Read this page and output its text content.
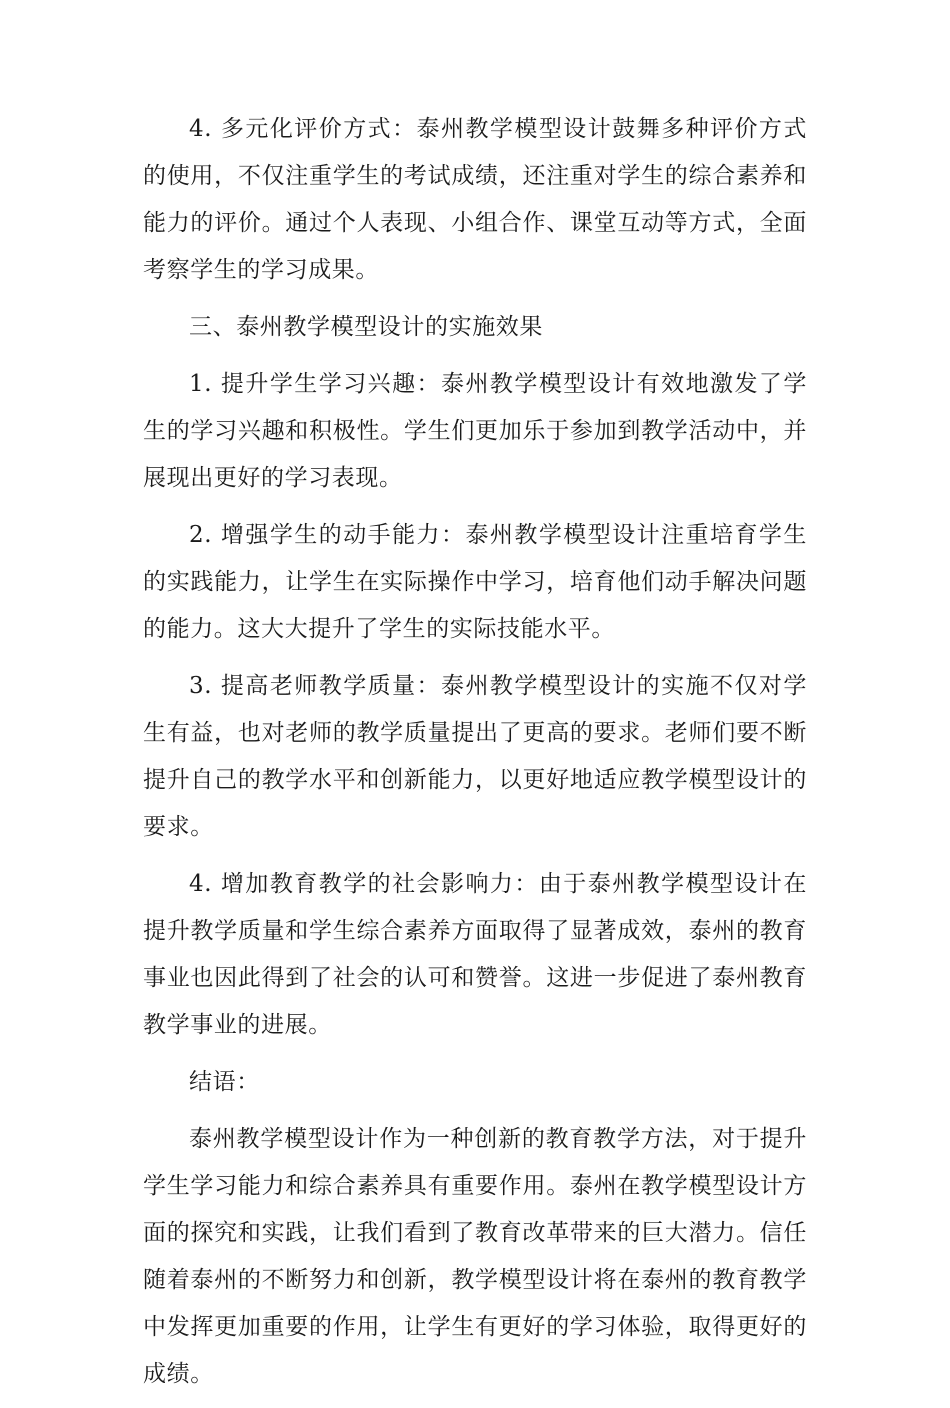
4. 多元化评价方式：泰州教学模型设计鼓舞多种评价方式的使用，不仅注重学生的考试成绩，还注重对学生的综合素养和能力的评价。通过个人表现、小组合作、课堂互动等方式，全面考察学生的学习成果。

三、泰州教学模型设计的实施效果

1. 提升学生学习兴趣：泰州教学模型设计有效地激发了学生的学习兴趣和积极性。学生们更加乐于参加到教学活动中，并展现出更好的学习表现。

2. 增强学生的动手能力：泰州教学模型设计注重培育学生的实践能力，让学生在实际操作中学习，培育他们动手解决问题的能力。这大大提升了学生的实际技能水平。

3. 提高老师教学质量：泰州教学模型设计的实施不仅对学生有益，也对老师的教学质量提出了更高的要求。老师们要不断提升自己的教学水平和创新能力，以更好地适应教学模型设计的要求。

4. 增加教育教学的社会影响力：由于泰州教学模型设计在提升教学质量和学生综合素养方面取得了显著成效，泰州的教育事业也因此得到了社会的认可和赞誉。这进一步促进了泰州教育教学事业的进展。

结语：

泰州教学模型设计作为一种创新的教育教学方法，对于提升学生学习能力和综合素养具有重要作用。泰州在教学模型设计方面的探究和实践，让我们看到了教育改革带来的巨大潜力。信任随着泰州的不断努力和创新，教学模型设计将在泰州的教育教学中发挥更加重要的作用，让学生有更好的学习体验，取得更好的成绩。
